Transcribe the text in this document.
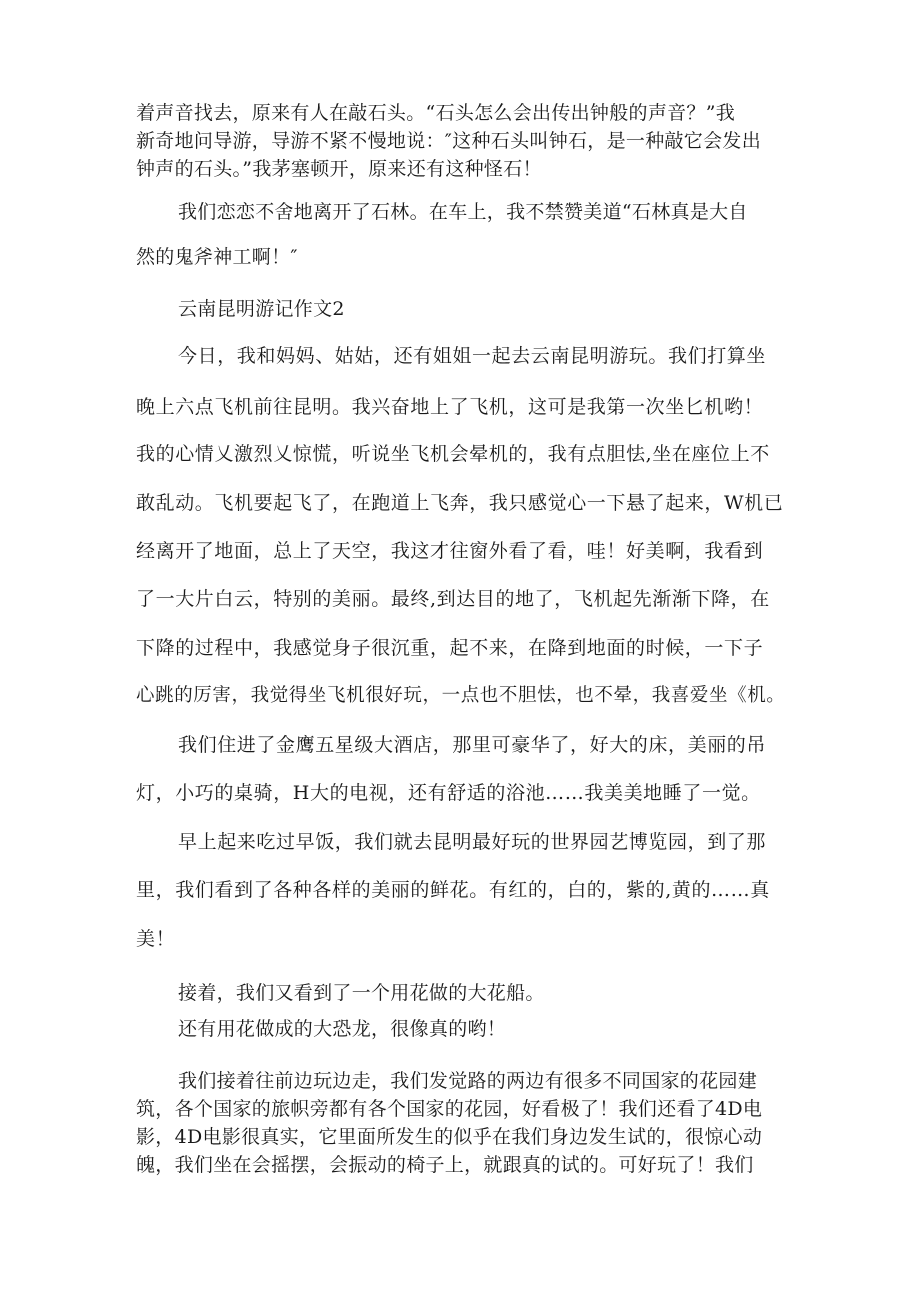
着声音找去，原来有人在敲石头。“石头怎么会出传出钟般的声音？”我
新奇地问导游，导游不紧不慢地说：″这种石头叫钟石，是一种敲它会发出
钟声的石头。”我茅塞顿开，原来还有这种怪石！
我们恋恋不舍地离开了石林。在车上，我不禁赞美道“石林真是大自
然的鬼斧神工啊！″
云南昆明游记作文2
今日，我和妈妈、姑姑，还有姐姐一起去云南昆明游玩。我们打算坐
晚上六点飞机前往昆明。我兴奋地上了飞机，这可是我第一次坐匕机哟！
我的心情乂激烈乂惊慌，听说坐飞机会晕机的，我有点胆怯,坐在座位上不
敢乱动。飞机要起飞了，在跑道上飞奔，我只感觉心一下悬了起来，W机已
经离开了地面，总上了天空，我这才往窗外看了看，哇！好美啊，我看到
了一大片白云，特别的美丽。最终,到达目的地了，飞机起先渐渐下降，在
下降的过程中，我感觉身子很沉重，起不来，在降到地面的时候，一下子
心跳的厉害，我觉得坐飞机很好玩，一点也不胆怯，也不晕，我喜爱坐《机。
我们住进了金鹰五星级大酒店，那里可豪华了，好大的床，美丽的吊
灯，小巧的桌骑，H大的电视，还有舒适的浴池……我美美地睡了一觉。
早上起来吃过早饭，我们就去昆明最好玩的世界园艺博览园，到了那
里，我们看到了各种各样的美丽的鲜花。有红的，白的，紫的,黄的……真
美！
接着，我们又看到了一个用花做的大花船。
还有用花做成的大恐龙，很像真的哟！
我们接着往前边玩边走，我们发觉路的两边有很多不同国家的花园建
筑，各个国家的旅帜旁都有各个国家的花园，好看极了！我们还看了4D电
影，4D电影很真实，它里面所发生的似乎在我们身边发生试的，很惊心动
魄，我们坐在会摇摆，会振动的椅子上，就跟真的试的。可好玩了！我们
